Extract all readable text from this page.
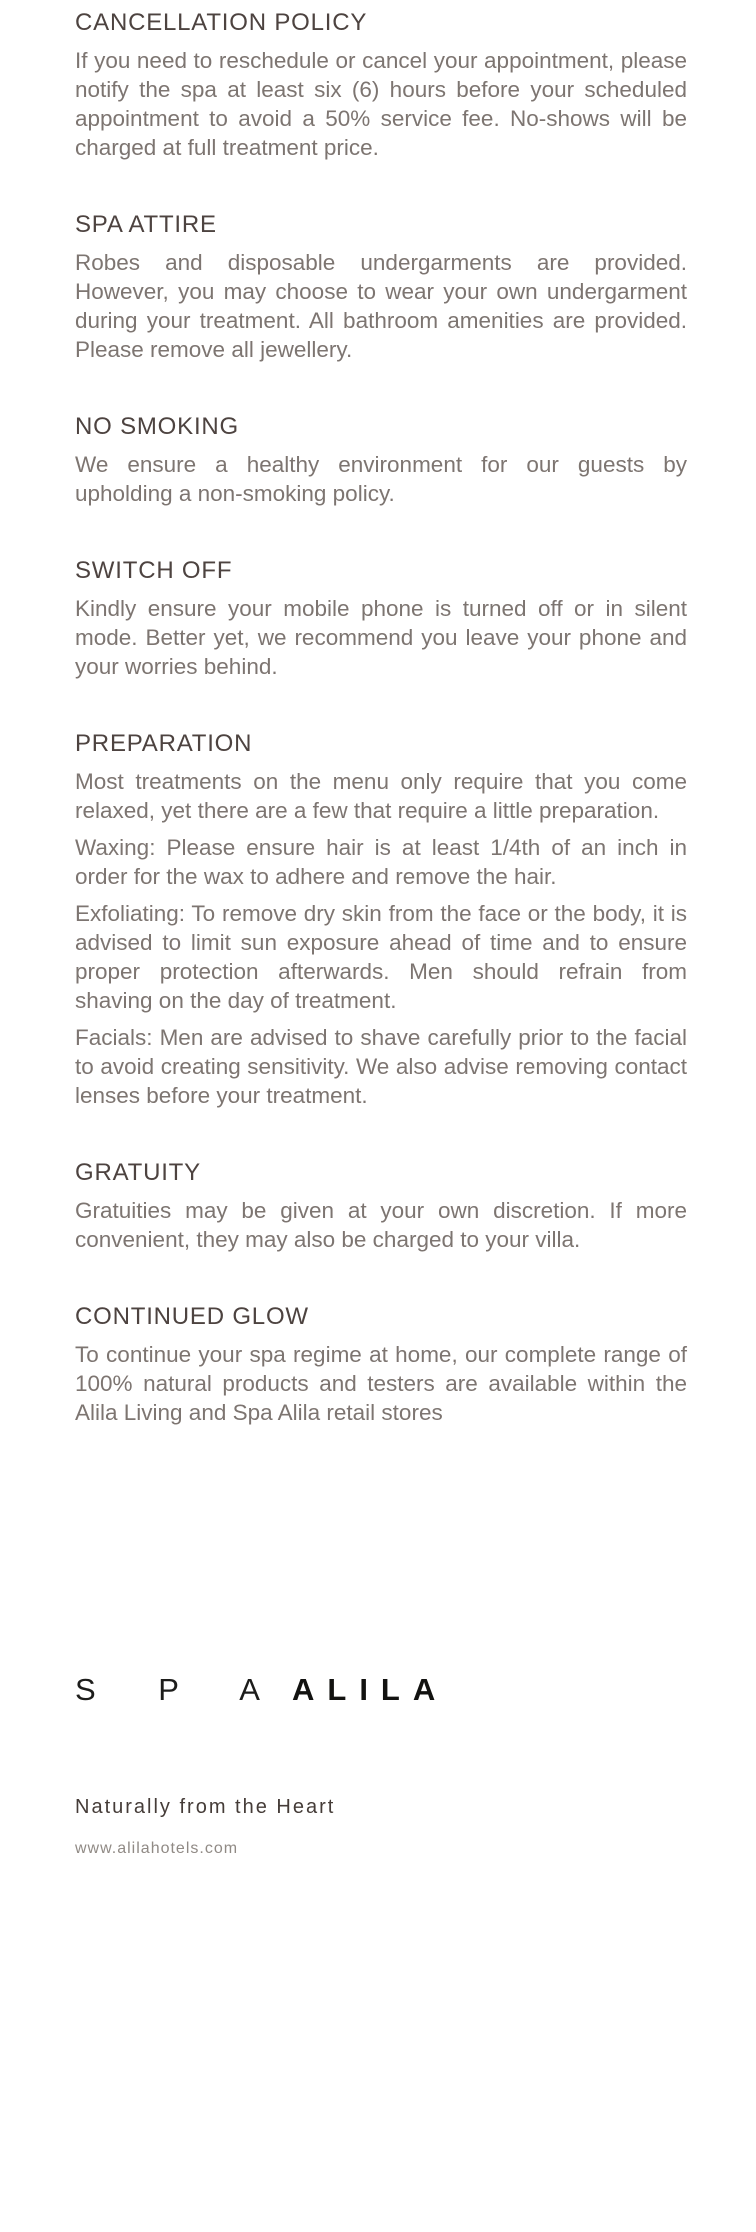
CANCELLATION POLICY

If you need to reschedule or cancel your appointment, please notify the spa at least six (6) hours before your scheduled appointment to avoid a 50% service fee. No-shows will be charged at full treatment price.

SPA ATTIRE

Robes and disposable undergarments are provided. However, you may choose to wear your own undergarment during your treatment. All bathroom amenities are provided. Please remove all jewellery.

NO SMOKING

We ensure a healthy environment for our guests by upholding a non-smoking policy.

SWITCH OFF

Kindly ensure your mobile phone is turned off or in silent mode. Better yet, we recommend you leave your phone and your worries behind.

PREPARATION

Most treatments on the menu only require that you come relaxed, yet there are a few that require a little preparation.

Waxing: Please ensure hair is at least 1/4th of an inch in order for the wax to adhere and remove the hair.

Exfoliating: To remove dry skin from the face or the body, it is advised to limit sun exposure ahead of time and to ensure proper protection afterwards. Men should refrain from shaving on the day of treatment.

Facials: Men are advised to shave carefully prior to the facial to avoid creating sensitivity. We also advise removing contact lenses before your treatment.

GRATUITY

Gratuities may be given at your own discretion. If more convenient, they may also be charged to your villa.

CONTINUED GLOW

To continue your spa regime at home, our complete range of 100% natural products and testers are available within the Alila Living and Spa Alila retail stores

S P A ALILA
Naturally from the Heart
www.alilahotels.com
